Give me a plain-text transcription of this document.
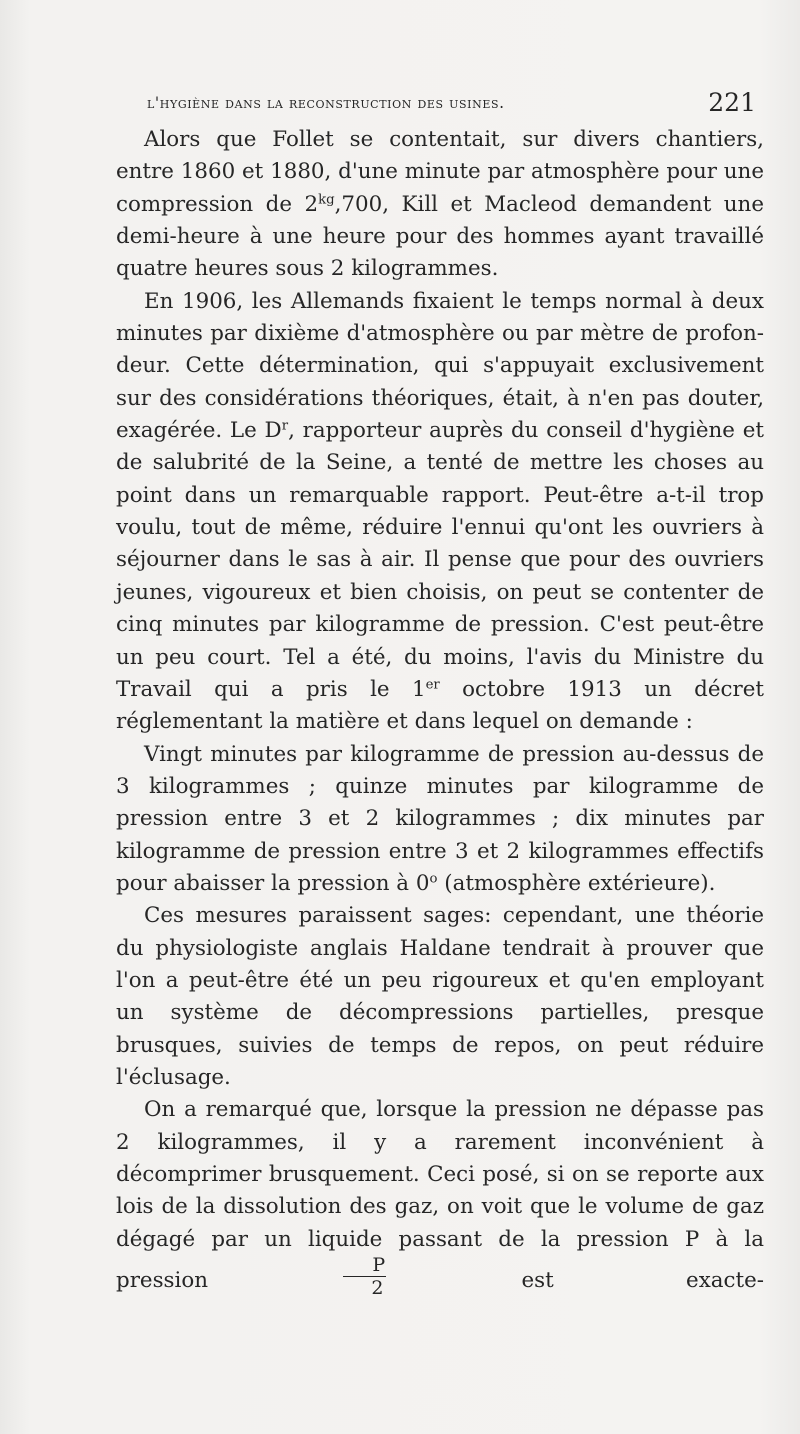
l'hygiène dans la reconstruction des usines.	221

Alors que Follet se contentait, sur divers chantiers, entre 1860 et 1880, d'une minute par atmosphère pour une compression de $2^{kg},700$, Kill et Macleod demandent une demi-​heure à une heure pour des hommes ayant travaillé quatre heures sous 2 kilogrammes.

En 1906, les Allemands fixaient le temps normal à deux minutes par dixième d'atmosphère ou par mètre de profondeur. Cette détermination, qui s'appuyait exclusivement sur des considérations théoriques, était, à n'en pas douter, exagérée. Le $D^r$, rapporteur auprès du conseil d'hygiène et de salubrité de la Seine, a tenté de mettre les choses au point dans un remarquable rapport. Peut-être a-t-il trop voulu, tout de même, réduire l'ennui qu'ont les ouvriers à séjourner dans le sas à air. Il pense que pour des ouvriers jeunes, vigoureux et bien choisis, on peut se contenter de cinq minutes par kilogramme de pression. C'est peut-être un peu court. Tel a été, du moins, l'avis du Ministre du Travail qui a pris le 1er octobre 1913 un décret réglementant la matière et dans lequel on demande :

Vingt minutes par kilogramme de pression au-dessus de 3 kilogrammes ; quinze minutes par kilogramme de pression entre 3 et 2 kilogrammes ; dix minutes par kilogramme de pression entre 3 et 2 kilogrammes effectifs pour abaisser la pression à 0$^o$ (atmosphère extérieure).

Ces mesures paraissent sages: cependant, une théorie du physiologiste anglais Haldane tendrait à prouver que l'on a peut-être été un peu rigoureux et qu'en employant un système de décompressions partielles, presque brusques, suivies de temps de repos, on peut réduire l'éclusage.

On a remarqué que, lorsque la pression ne dépasse pas 2 kilogrammes, il y a rarement inconvénient à décomprimer brusquement. Ceci posé, si on se reporte aux lois de la dissolution des gaz, on voit que le volume de gaz dégagé par un liquide passant de la pression P à la pression $\frac{P}{2}$ est exacte-
